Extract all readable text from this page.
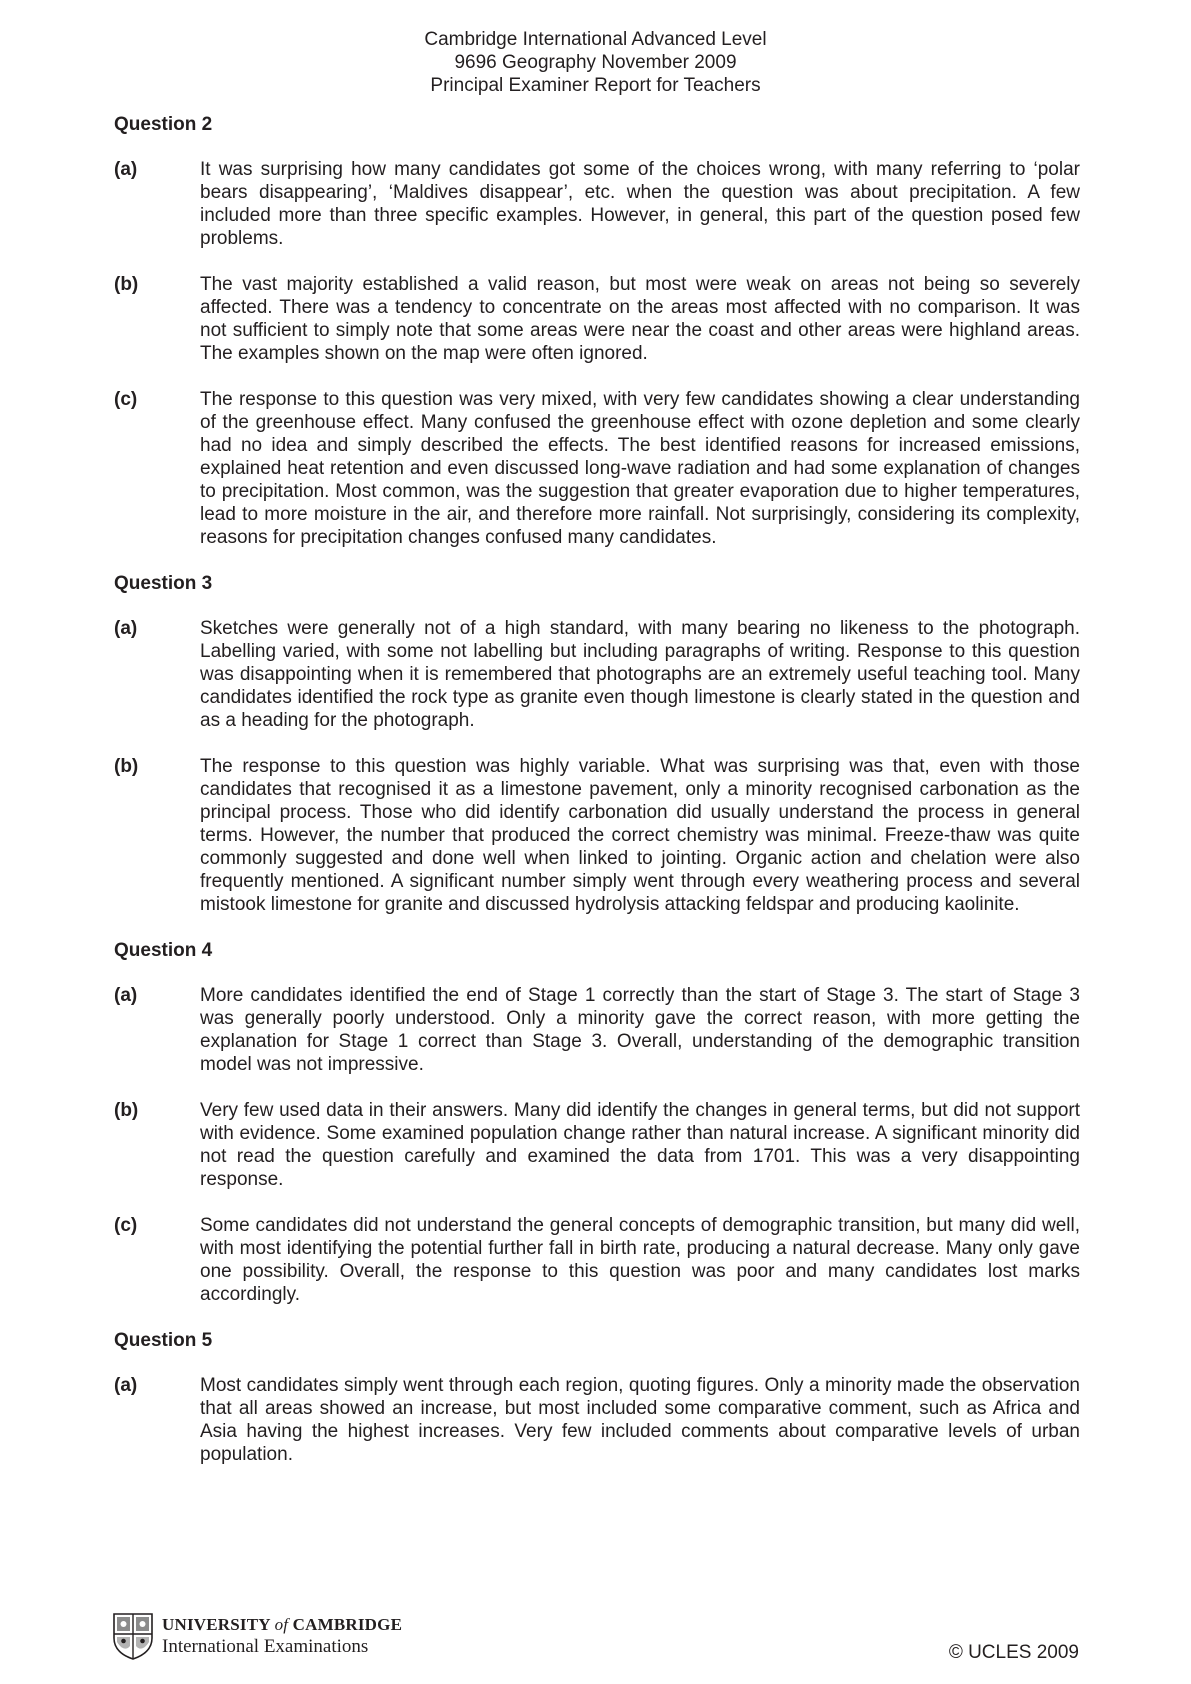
Cambridge International Advanced Level
9696 Geography November 2009
Principal Examiner Report for Teachers
Question 2
(a)	It was surprising how many candidates got some of the choices wrong, with many referring to ‘polar bears disappearing’, ‘Maldives disappear’, etc. when the question was about precipitation. A few included more than three specific examples. However, in general, this part of the question posed few problems.

(b)	The vast majority established a valid reason, but most were weak on areas not being so severely affected. There was a tendency to concentrate on the areas most affected with no comparison. It was not sufficient to simply note that some areas were near the coast and other areas were highland areas. The examples shown on the map were often ignored.

(c)	The response to this question was very mixed, with very few candidates showing a clear understanding of the greenhouse effect. Many confused the greenhouse effect with ozone depletion and some clearly had no idea and simply described the effects. The best identified reasons for increased emissions, explained heat retention and even discussed long-wave radiation and had some explanation of changes to precipitation. Most common, was the suggestion that greater evaporation due to higher temperatures, lead to more moisture in the air, and therefore more rainfall. Not surprisingly, considering its complexity, reasons for precipitation changes confused many candidates.

Question 3
(a)	Sketches were generally not of a high standard, with many bearing no likeness to the photograph. Labelling varied, with some not labelling but including paragraphs of writing. Response to this question was disappointing when it is remembered that photographs are an extremely useful teaching tool. Many candidates identified the rock type as granite even though limestone is clearly stated in the question and as a heading for the photograph.

(b)	The response to this question was highly variable. What was surprising was that, even with those candidates that recognised it as a limestone pavement, only a minority recognised carbonation as the principal process. Those who did identify carbonation did usually understand the process in general terms. However, the number that produced the correct chemistry was minimal. Freeze-thaw was quite commonly suggested and done well when linked to jointing. Organic action and chelation were also frequently mentioned. A significant number simply went through every weathering process and several mistook limestone for granite and discussed hydrolysis attacking feldspar and producing kaolinite.

Question 4
(a)	More candidates identified the end of Stage 1 correctly than the start of Stage 3. The start of Stage 3 was generally poorly understood. Only a minority gave the correct reason, with more getting the explanation for Stage 1 correct than Stage 3. Overall, understanding of the demographic transition model was not impressive.

(b)	Very few used data in their answers. Many did identify the changes in general terms, but did not support with evidence. Some examined population change rather than natural increase. A significant minority did not read the question carefully and examined the data from 1701. This was a very disappointing response.

(c)	Some candidates did not understand the general concepts of demographic transition, but many did well, with most identifying the potential further fall in birth rate, producing a natural decrease. Many only gave one possibility. Overall, the response to this question was poor and many candidates lost marks accordingly.

Question 5
(a)	Most candidates simply went through each region, quoting figures. Only a minority made the observation that all areas showed an increase, but most included some comparative comment, such as Africa and Asia having the highest increases. Very few included comments about comparative levels of urban population.

UNIVERSITY of CAMBRIDGE
International Examinations	© UCLES 2009
